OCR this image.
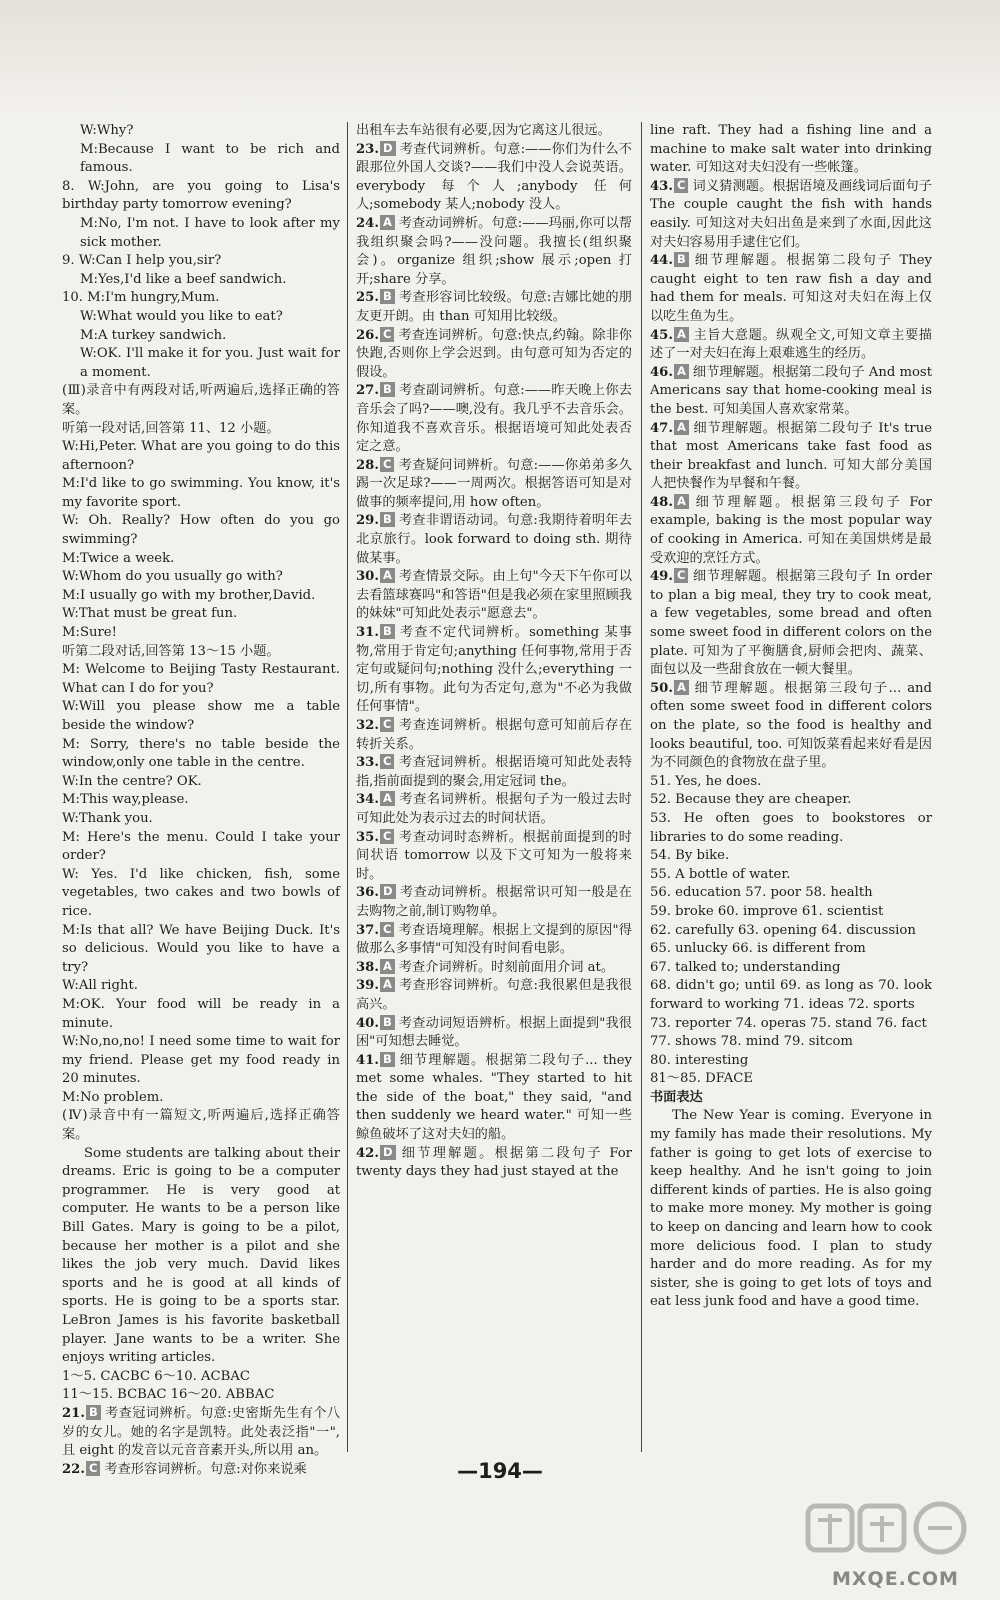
W:Why?

M:Because I want to be rich and famous.

8. W:John, are you going to Lisa's birthday party tomorrow evening?

M:No, I'm not. I have to look after my sick mother.

9. W:Can I help you,sir?

M:Yes,I'd like a beef sandwich.

10. M:I'm hungry,Mum.

W:What would you like to eat?

M:A turkey sandwich.

W:OK. I'll make it for you. Just wait for a moment.

(Ⅲ)录音中有两段对话,听两遍后,选择正确的答案。

听第一段对话,回答第 11、12 小题。

W:Hi,Peter. What are you going to do this afternoon?

M:I'd like to go swimming. You know, it's my favorite sport.

W: Oh. Really? How often do you go swimming?

M:Twice a week.

W:Whom do you usually go with?

M:I usually go with my brother,David.

W:That must be great fun.

M:Sure!

听第二段对话,回答第 13～15 小题。

M: Welcome to Beijing Tasty Restaurant. What can I do for you?

W:Will you please show me a table beside the window?

M: Sorry, there's no table beside the window,only one table in the centre.

W:In the centre? OK.

M:This way,please.

W:Thank you.

M: Here's the menu. Could I take your order?

W: Yes. I'd like chicken, fish, some vegetables, two cakes and two bowls of rice.

M:Is that all? We have Beijing Duck. It's so delicious. Would you like to have a try?

W:All right.

M:OK. Your food will be ready in a minute.

W:No,no,no! I need some time to wait for my friend. Please get my food ready in 20 minutes.

M:No problem.

(Ⅳ)录音中有一篇短文,听两遍后,选择正确答案。

Some students are talking about their dreams. Eric is going to be a computer programmer. He is very good at computer. He wants to be a person like Bill Gates. Mary is going to be a pilot, because her mother is a pilot and she likes the job very much. David likes sports and he is good at all kinds of sports. He is going to be a sports star. LeBron James is his favorite basketball player. Jane wants to be a writer. She enjoys writing articles.

1～5. CACBC 6～10. ACBAC

11～15. BCBAC 16～20. ABBAC

21. B 考查冠词辨析。句意:史密斯先生有个八岁的女儿。她的名字是凯特。此处表泛指"一",且 eight 的发音以元音音素开头,所以用 an。

22. C 考查形容词辨析。句意:对你来说乘

出租车去车站很有必要,因为它离这儿很远。

23. D 考查代词辨析。句意:——你们为什么不跟那位外国人交谈?——我们中没人会说英语。everybody 每个人;anybody 任何人;somebody 某人;nobody 没人。

24. A 考查动词辨析。句意:——玛丽,你可以帮我组织聚会吗?——没问题。我擅长(组织聚会)。organize 组织;show 展示;open 打开;share 分享。

25. B 考查形容词比较级。句意:吉娜比她的朋友更开朗。由 than 可知用比较级。

26. C 考查连词辨析。句意:快点,约翰。除非你快跑,否则你上学会迟到。由句意可知为否定的假设。

27. B 考查副词辨析。句意:——昨天晚上你去音乐会了吗?——噢,没有。我几乎不去音乐会。你知道我不喜欢音乐。根据语境可知此处表否定之意。

28. C 考查疑问词辨析。句意:——你弟弟多久踢一次足球?——一周两次。根据答语可知是对做事的频率提问,用 how often。

29. B 考查非谓语动词。句意:我期待着明年去北京旅行。look forward to doing sth. 期待做某事。

30. A 考查情景交际。由上句"今天下午你可以去看篮球赛吗"和答语"但是我必须在家里照顾我的妹妹"可知此处表示"愿意去"。

31. B 考查不定代词辨析。something 某事物,常用于肯定句;anything 任何事物,常用于否定句或疑问句;nothing 没什么;everything 一切,所有事物。此句为否定句,意为"不必为我做任何事情"。

32. C 考查连词辨析。根据句意可知前后存在转折关系。

33. C 考查冠词辨析。根据语境可知此处表特指,指前面提到的聚会,用定冠词 the。

34. A 考查名词辨析。根据句子为一般过去时可知此处为表示过去的时间状语。

35. C 考查动词时态辨析。根据前面提到的时间状语 tomorrow 以及下文可知为一般将来时。

36. D 考查动词辨析。根据常识可知一般是在去购物之前,制订购物单。

37. C 考查语境理解。根据上文提到的原因"得做那么多事情"可知没有时间看电影。

38. A 考查介词辨析。时刻前面用介词 at。

39. A 考查形容词辨析。句意:我很累但是我很高兴。

40. B 考查动词短语辨析。根据上面提到"我很困"可知想去睡觉。

41. B 细节理解题。根据第二段句子... they met some whales. "They started to hit the side of the boat," they said, "and then suddenly we heard water." 可知一些鲸鱼破坏了这对夫妇的船。

42. D 细节理解题。根据第二段句子 For twenty days they had just stayed at the

line raft. They had a fishing line and a machine to make salt water into drinking water. 可知这对夫妇没有一些帐篷。

43. C 词义猜测题。根据语境及画线词后面句子 The couple caught the fish with hands easily. 可知这对夫妇出鱼是来到了水面,因此这对夫妇容易用手逮住它们。

44. B 细节理解题。根据第二段句子 They caught eight to ten raw fish a day and had them for meals. 可知这对夫妇在海上仅以吃生鱼为生。

45. A 主旨大意题。纵观全文,可知文章主要描述了一对夫妇在海上艰难逃生的经历。

46. A 细节理解题。根据第二段句子 And most Americans say that home-cooking meal is the best. 可知美国人喜欢家常菜。

47. A 细节理解题。根据第二段句子 It's true that most Americans take fast food as their breakfast and lunch. 可知大部分美国人把快餐作为早餐和午餐。

48. A 细节理解题。根据第三段句子 For example, baking is the most popular way of cooking in America. 可知在美国烘烤是最受欢迎的烹饪方式。

49. C 细节理解题。根据第三段句子 In order to plan a big meal, they try to cook meat, a few vegetables, some bread and often some sweet food in different colors on the plate. 可知为了平衡膳食,厨师会把肉、蔬菜、面包以及一些甜食放在一顿大餐里。

50. A 细节理解题。根据第三段句子... and often some sweet food in different colors on the plate, so the food is healthy and looks beautiful, too. 可知饭菜看起来好看是因为不同颜色的食物放在盘子里。

51. Yes, he does.

52. Because they are cheaper.

53. He often goes to bookstores or libraries to do some reading.

54. By bike.

55. A bottle of water.

56. education 57. poor 58. health

59. broke 60. improve 61. scientist

62. carefully 63. opening 64. discussion

65. unlucky 66. is different from

67. talked to; understanding

68. didn't go; until 69. as long as 70. look forward to working 71. ideas 72. sports

73. reporter 74. operas 75. stand 76. fact

77. shows 78. mind 79. sitcom

80. interesting

81～85. DFACE

书面表达

The New Year is coming. Everyone in my family has made their resolutions. My father is going to get lots of exercise to keep healthy. And he isn't going to join different kinds of parties. He is also going to make more money. My mother is going to keep on dancing and learn how to cook more delicious food. I plan to study harder and do more reading. As for my sister, she is going to get lots of toys and eat less junk food and have a good time.

—194—
MXQE.COM
